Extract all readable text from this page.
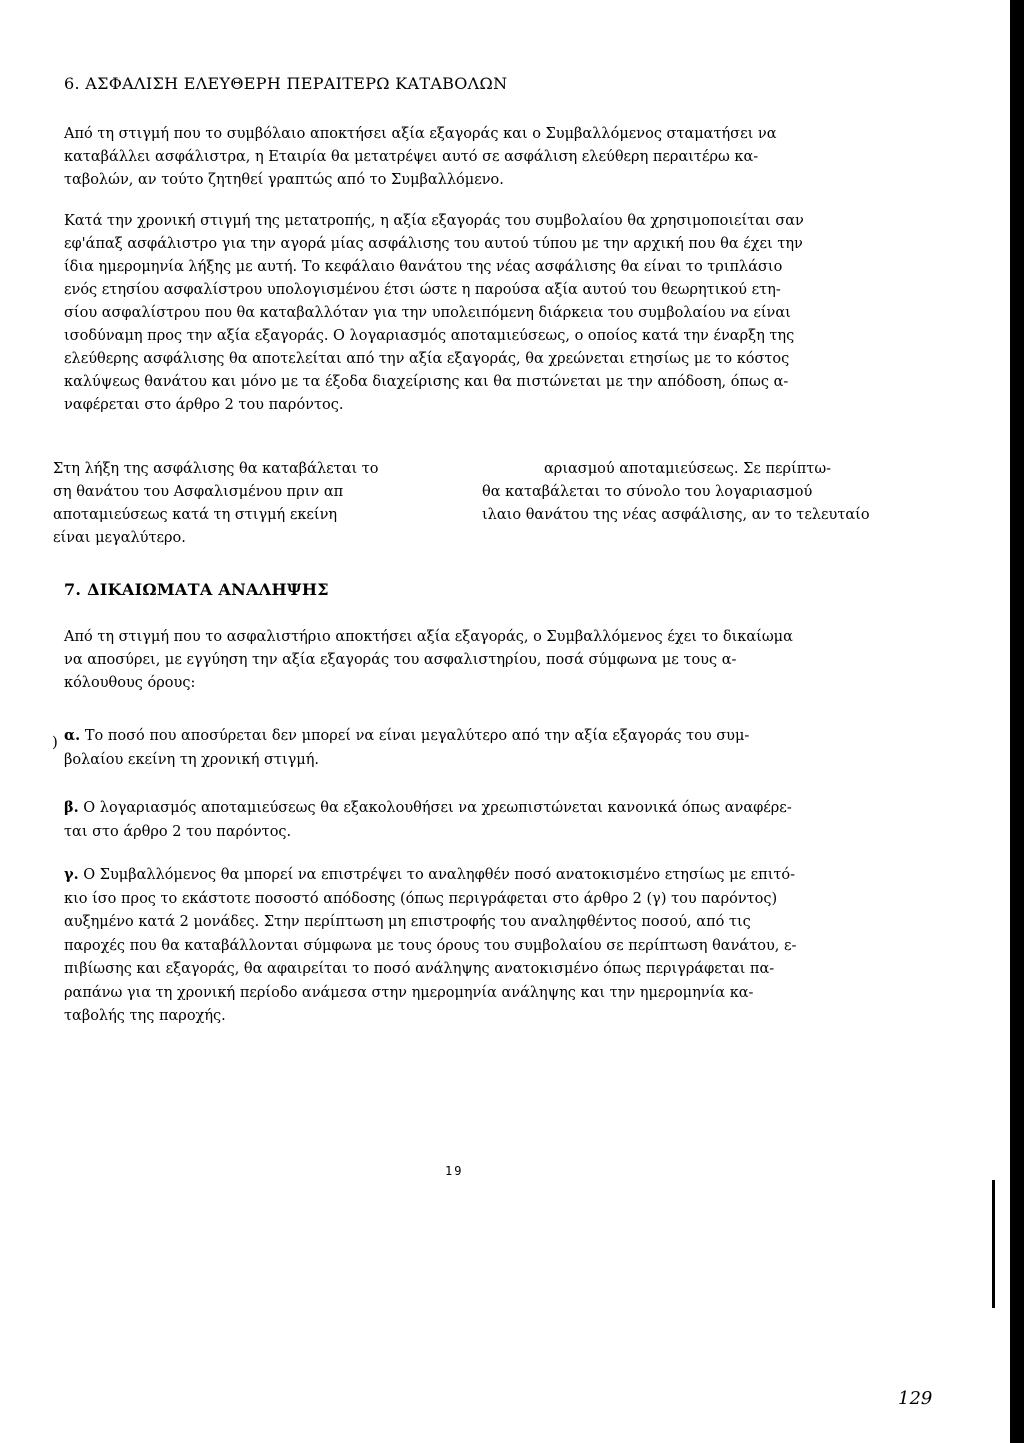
6. ΑΣΦΑΛΙΣΗ ΕΛΕΥΘΕΡΗ ΠΕΡΑΙΤΕΡΩ ΚΑΤΑΒΟΛΩΝ
Από τη στιγμή που το συμβόλαιο αποκτήσει αξία εξαγοράς και ο Συμβαλλόμενος σταματήσει να
καταβάλλει ασφάλιστρα, η Εταιρία θα μετατρέψει αυτό σε ασφάλιση ελεύθερη περαιτέρω κα-
ταβολών, αν τούτο ζητηθεί γραπτώς από το Συμβαλλόμενο.
Κατά την χρονική στιγμή της μετατροπής, η αξία εξαγοράς του συμβολαίου θα χρησιμοποιείται σαν
εφ'άπαξ ασφάλιστρο για την αγορά μίας ασφάλισης του αυτού τύπου με την αρχική που θα έχει την
ίδια ημερομηνία λήξης με αυτή. Το κεφάλαιο θανάτου της νέας ασφάλισης θα είναι το τριπλάσιο
ενός ετησίου ασφαλίστρου υπολογισμένου έτσι ώστε η παρούσα αξία αυτού του θεωρητικού ετη-
σίου ασφαλίστρου που θα καταβαλλόταν για την υπολειπόμενη διάρκεια του συμβολαίου να είναι
ισοδύναμη προς την αξία εξαγοράς. Ο λογαριασμός αποταμιεύσεως, ο οποίος κατά την έναρξη της
ελεύθερης ασφάλισης θα αποτελείται από την αξία εξαγοράς, θα χρεώνεται ετησίως με το κόστος
καλύψεως θανάτου και μόνο με τα έξοδα διαχείρισης και θα πιστώνεται με την απόδοση, όπως α-
ναφέρεται στο άρθρο 2 του παρόντος.
Στη λήξη της ασφάλισης θα καταβάλεται το
ση θανάτου του Ασφαλισμένου πριν απ
αποταμιεύσεως κατά τη στιγμή εκείνη
είναι μεγαλύτερο.
αριασμού αποταμιεύσεως. Σε περίπτω-
θα καταβάλεται το σύνολο του λογαριασμού
ιλαιο θανάτου της νέας ασφάλισης, αν το τελευταίο
7. ΔΙΚΑΙΩΜΑΤΑ ΑΝΑΛΗΨΗΣ
Από τη στιγμή που το ασφαλιστήριο αποκτήσει αξία εξαγοράς, ο Συμβαλλόμενος έχει το δικαίωμα
να αποσύρει, με εγγύηση την αξία εξαγοράς του ασφαλιστηρίου, ποσά σύμφωνα με τους α-
κόλουθους όρους:
) α. Το ποσό που αποσύρεται δεν μπορεί να είναι μεγαλύτερο από την αξία εξαγοράς του συμ-
βολαίου εκείνη τη χρονική στιγμή.
β. Ο λογαριασμός αποταμιεύσεως θα εξακολουθήσει να χρεωπιστώνεται κανονικά όπως αναφέρε-
ται στο άρθρο 2 του παρόντος.
γ. Ο Συμβαλλόμενος θα μπορεί να επιστρέψει το αναληφθέν ποσό ανατοκισμένο ετησίως με επιτό-
κιο ίσο προς το εκάστοτε ποσοστό απόδοσης (όπως περιγράφεται στο άρθρο 2 (γ) του παρόντος)
αυξημένο κατά 2 μονάδες. Στην περίπτωση μη επιστροφής του αναληφθέντος ποσού, από τις
παροχές που θα καταβάλλονται σύμφωνα με τους όρους του συμβολαίου σε περίπτωση θανάτου, ε-
πιβίωσης και εξαγοράς, θα αφαιρείται το ποσό ανάληψης ανατοκισμένο όπως περιγράφεται πα-
ραπάνω για τη χρονική περίοδο ανάμεσα στην ημερομηνία ανάληψης και την ημερομηνία κα-
ταβολής της παροχής.
19
129
